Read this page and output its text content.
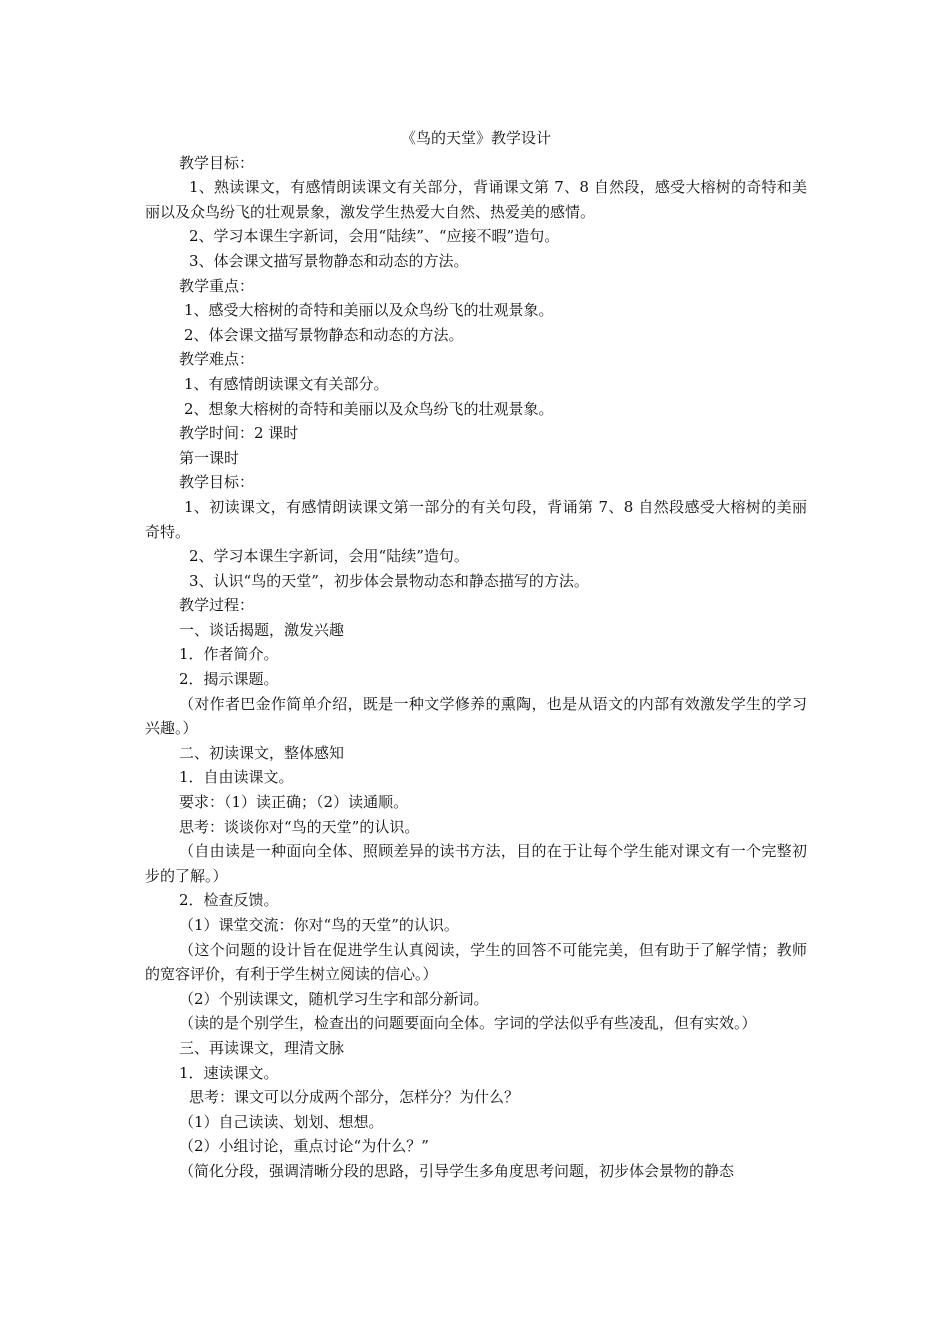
《鸟的天堂》教学设计

教学目标：

1、熟读课文，有感情朗读课文有关部分，背诵课文第 7、8 自然段，感受大榕树的奇特和美丽以及众鸟纷飞的壮观景象，激发学生热爱大自然、热爱美的感情。

2、学习本课生字新词，会用“陆续”、“应接不暇”造句。

3、体会课文描写景物静态和动态的方法。

教学重点：

1、感受大榕树的奇特和美丽以及众鸟纷飞的壮观景象。

2、体会课文描写景物静态和动态的方法。

教学难点：

1、有感情朗读课文有关部分。

2、想象大榕树的奇特和美丽以及众鸟纷飞的壮观景象。

教学时间：2 课时

第一课时

教学目标：

1、初读课文，有感情朗读课文第一部分的有关句段，背诵第 7、8 自然段感受大榕树的美丽奇特。

2、学习本课生字新词，会用“陆续”造句。

3、认识“鸟的天堂”，初步体会景物动态和静态描写的方法。

教学过程：

一、谈话揭题，激发兴趣

1．作者简介。

2．揭示课题。

（对作者巴金作简单介绍，既是一种文学修养的熏陶，也是从语文的内部有效激发学生的学习兴趣。）

二、初读课文，整体感知

1．自由读课文。

要求：（1）读正确；（2）读通顺。

思考：谈谈你对“鸟的天堂”的认识。

（自由读是一种面向全体、照顾差异的读书方法，目的在于让每个学生能对课文有一个完整初步的了解。）

2．检查反馈。

（1）课堂交流：你对“鸟的天堂”的认识。

（这个问题的设计旨在促进学生认真阅读，学生的回答不可能完美，但有助于了解学情；教师的宽容评价，有利于学生树立阅读的信心。）

（2）个别读课文，随机学习生字和部分新词。

（读的是个别学生，检查出的问题要面向全体。字词的学法似乎有些凌乱，但有实效。）

三、再读课文，理清文脉

1．速读课文。

思考：课文可以分成两个部分，怎样分？为什么？

（1）自己读读、划划、想想。

（2）小组讨论，重点讨论“为什么？”

（简化分段，强调清晰分段的思路，引导学生多角度思考问题，初步体会景物的静态
